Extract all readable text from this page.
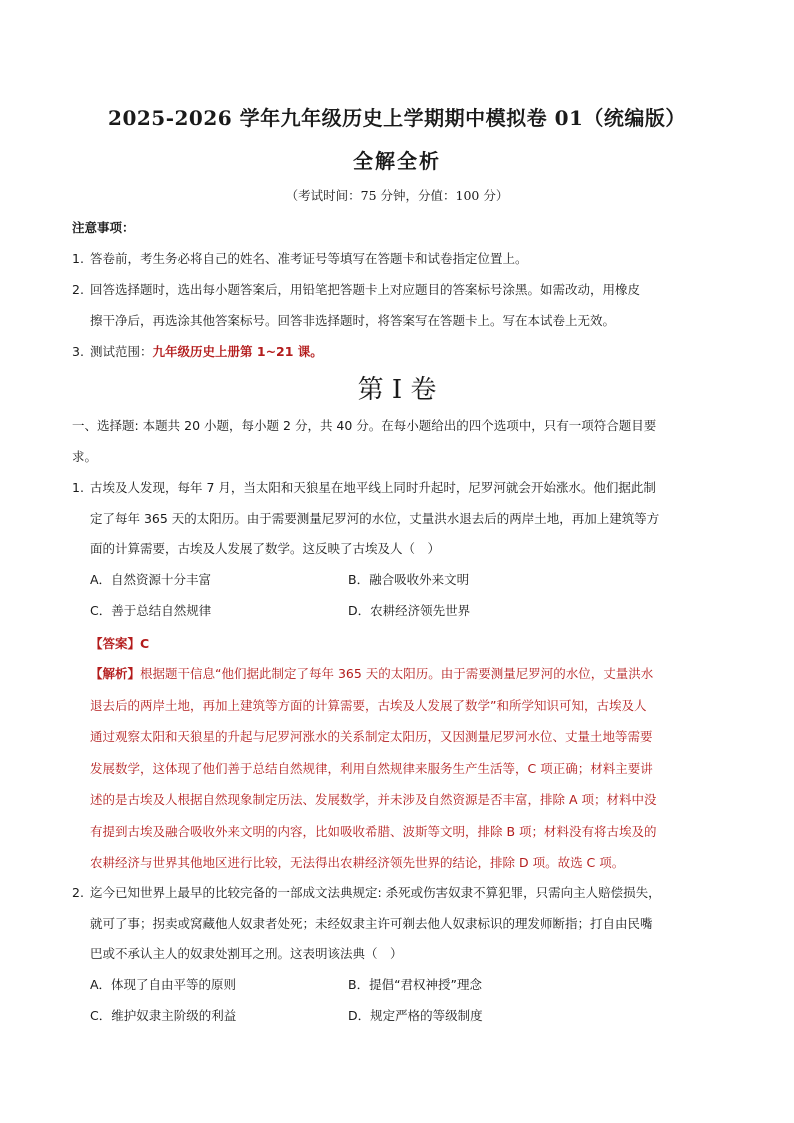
2025-2026 学年九年级历史上学期期中模拟卷 01（统编版）
全解全析
（考试时间：75 分钟，分值：100 分）
注意事项：
1. 答卷前，考生务必将自己的姓名、准考证号等填写在答题卡和试卷指定位置上。
2. 回答选择题时，选出每小题答案后，用铅笔把答题卡上对应题目的答案标号涂黑。如需改动，用橡皮
擦干净后，再选涂其他答案标号。回答非选择题时，将答案写在答题卡上。写在本试卷上无效。
3. 测试范围：九年级历史上册第 1~21 课。
第 I 卷
一、选择题: 本题共 20 小题，每小题 2 分，共 40 分。在每小题给出的四个选项中，只有一项符合题目要
求。
1. 古埃及人发现，每年 7 月，当太阳和天狼星在地平线上同时升起时，尼罗河就会开始涨水。他们据此制
定了每年 365 天的太阳历。由于需要测量尼罗河的水位，丈量洪水退去后的两岸土地，再加上建筑等方
面的计算需要，古埃及人发展了数学。这反映了古埃及人（　）
A．自然资源十分丰富	B．融合吸收外来文明
C．善于总结自然规律	D．农耕经济领先世界
【答案】C
【解析】根据题干信息“他们据此制定了每年 365 天的太阳历。由于需要测量尼罗河的水位，丈量洪水
退去后的两岸土地，再加上建筑等方面的计算需要，古埃及人发展了数学”和所学知识可知，古埃及人
通过观察太阳和天狼星的升起与尼罗河涨水的关系制定太阳历，又因测量尼罗河水位、丈量土地等需要
发展数学，这体现了他们善于总结自然规律，利用自然规律来服务生产生活等，C 项正确；材料主要讲
述的是古埃及人根据自然现象制定历法、发展数学，并未涉及自然资源是否丰富，排除 A 项；材料中没
有提到古埃及融合吸收外来文明的内容，比如吸收希腊、波斯等文明，排除 B 项；材料没有将古埃及的
农耕经济与世界其他地区进行比较，无法得出农耕经济领先世界的结论，排除 D 项。故选 C 项。
2. 迄今已知世界上最早的比较完备的一部成文法典规定: 杀死或伤害奴隶不算犯罪，只需向主人赔偿损失，
就可了事；拐卖或窝藏他人奴隶者处死；未经奴隶主许可剃去他人奴隶标识的理发师断指；打自由民嘴
巴或不承认主人的奴隶处割耳之刑。这表明该法典（　）
A．体现了自由平等的原则	B．提倡“君权神授”理念
C．维护奴隶主阶级的利益	D．规定严格的等级制度
